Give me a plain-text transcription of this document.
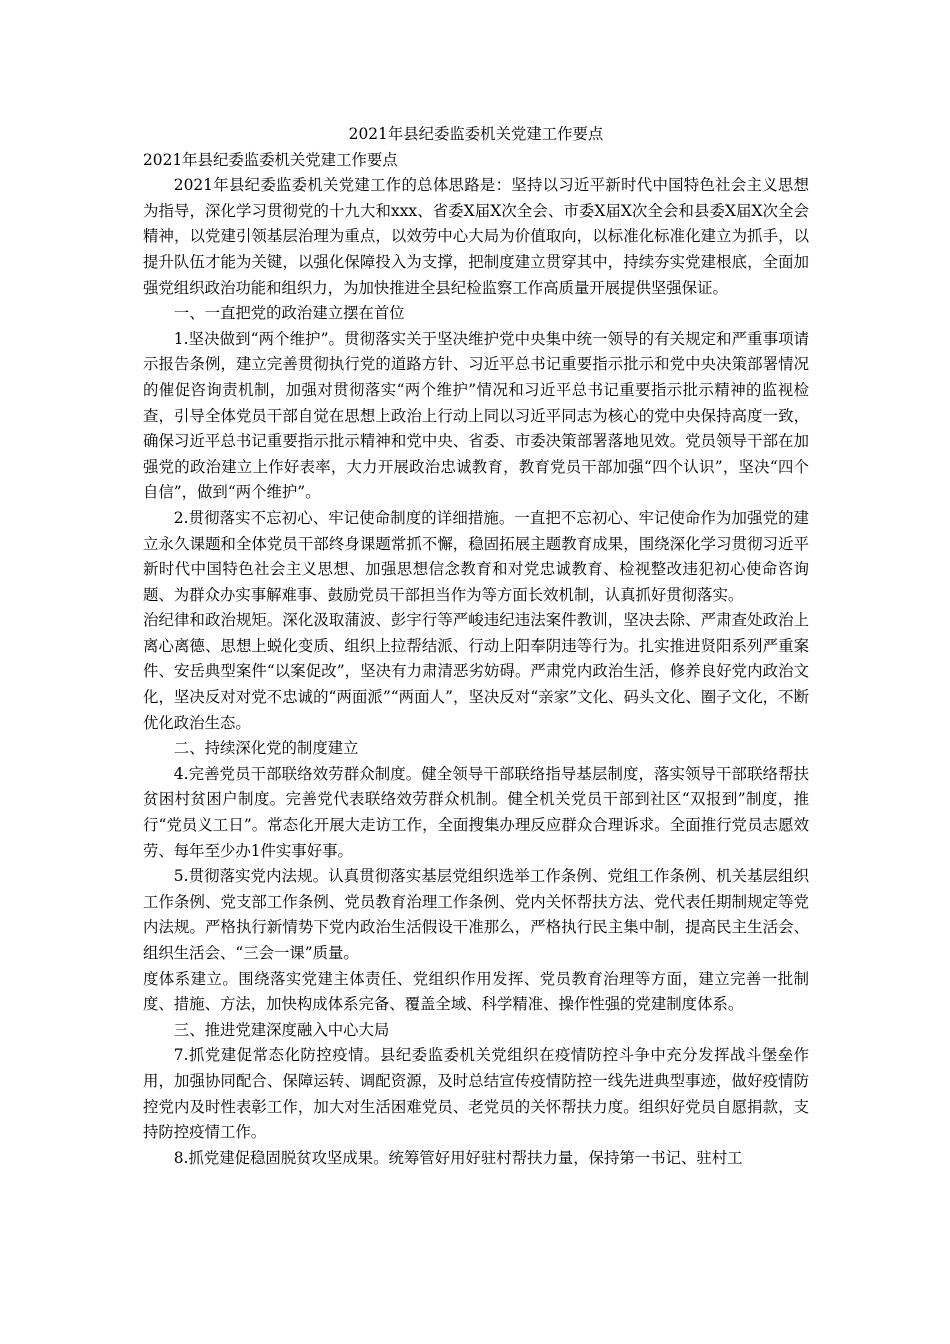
2021年县纪委监委机关党建工作要点

2021年县纪委监委机关党建工作要点

2021年县纪委监委机关党建工作的总体思路是：坚持以习近平新时代中国特色社会主义思想为指导，深化学习贯彻党的十九大和xxx、省委X届X次全会、市委X届X次全会和县委X届X次全会精神，以党建引领基层治理为重点，以效劳中心大局为价值取向，以标准化标准化建立为抓手，以提升队伍才能为关键，以强化保障投入为支撑，把制度建立贯穿其中，持续夯实党建根底，全面加强党组织政治功能和组织力，为加快推进全县纪检监察工作高质量开展提供坚强保证。

一、一直把党的政治建立摆在首位

1.坚决做到“两个维护”。贯彻落实关于坚决维护党中央集中统一领导的有关规定和严重事项请示报告条例，建立完善贯彻执行党的道路方针、习近平总书记重要指示批示和党中央决策部署情况的催促咨询责机制，加强对贯彻落实“两个维护”情况和习近平总书记重要指示批示精神的监视检查，引导全体党员干部自觉在思想上政治上行动上同以习近平同志为核心的党中央保持高度一致，确保习近平总书记重要指示批示精神和党中央、省委、市委决策部署落地见效。党员领导干部在加强党的政治建立上作好表率，大力开展政治忠诚教育，教育党员干部加强“四个认识”，坚决“四个自信”，做到“两个维护”。

2.贯彻落实不忘初心、牢记使命制度的详细措施。一直把不忘初心、牢记使命作为加强党的建立永久课题和全体党员干部终身课题常抓不懈，稳固拓展主题教育成果，围绕深化学习贯彻习近平新时代中国特色社会主义思想、加强思想信念教育和对党忠诚教育、检视整改违犯初心使命咨询题、为群众办实事解难事、鼓励党员干部担当作为等方面长效机制，认真抓好贯彻落实。

治纪律和政治规矩。深化汲取蒲波、彭宇行等严峻违纪违法案件教训，坚决去除、严肃查处政治上离心离德、思想上蜕化变质、组织上拉帮结派、行动上阳奉阴违等行为。扎实推进贤阳系列严重案件、安岳典型案件“以案促改”，坚决有力肃清恶劣妨碍。严肃党内政治生活，修养良好党内政治文化，坚决反对对党不忠诚的“两面派”“两面人”，坚决反对“亲家”文化、码头文化、圈子文化，不断优化政治生态。

二、持续深化党的制度建立

4.完善党员干部联络效劳群众制度。健全领导干部联络指导基层制度，落实领导干部联络帮扶贫困村贫困户制度。完善党代表联络效劳群众机制。健全机关党员干部到社区“双报到”制度，推行“党员义工日”。常态化开展大走访工作，全面搜集办理反应群众合理诉求。全面推行党员志愿效劳、每年至少办1件实事好事。

5.贯彻落实党内法规。认真贯彻落实基层党组织选举工作条例、党组工作条例、机关基层组织工作条例、党支部工作条例、党员教育治理工作条例、党内关怀帮扶方法、党代表任期制规定等党内法规。严格执行新情势下党内政治生活假设干准那么，严格执行民主集中制，提高民主生活会、组织生活会、“三会一课”质量。

度体系建立。围绕落实党建主体责任、党组织作用发挥、党员教育治理等方面，建立完善一批制度、措施、方法，加快构成体系完备、覆盖全域、科学精准、操作性强的党建制度体系。

三、推进党建深度融入中心大局

7.抓党建促常态化防控疫情。县纪委监委机关党组织在疫情防控斗争中充分发挥战斗堡垒作用，加强协同配合、保障运转、调配资源，及时总结宣传疫情防控一线先进典型事迹，做好疫情防控党内及时性表彰工作，加大对生活困难党员、老党员的关怀帮扶力度。组织好党员自愿捐款，支持防控疫情工作。

8.抓党建促稳固脱贫攻坚成果。统筹管好用好驻村帮扶力量，保持第一书记、驻村工
